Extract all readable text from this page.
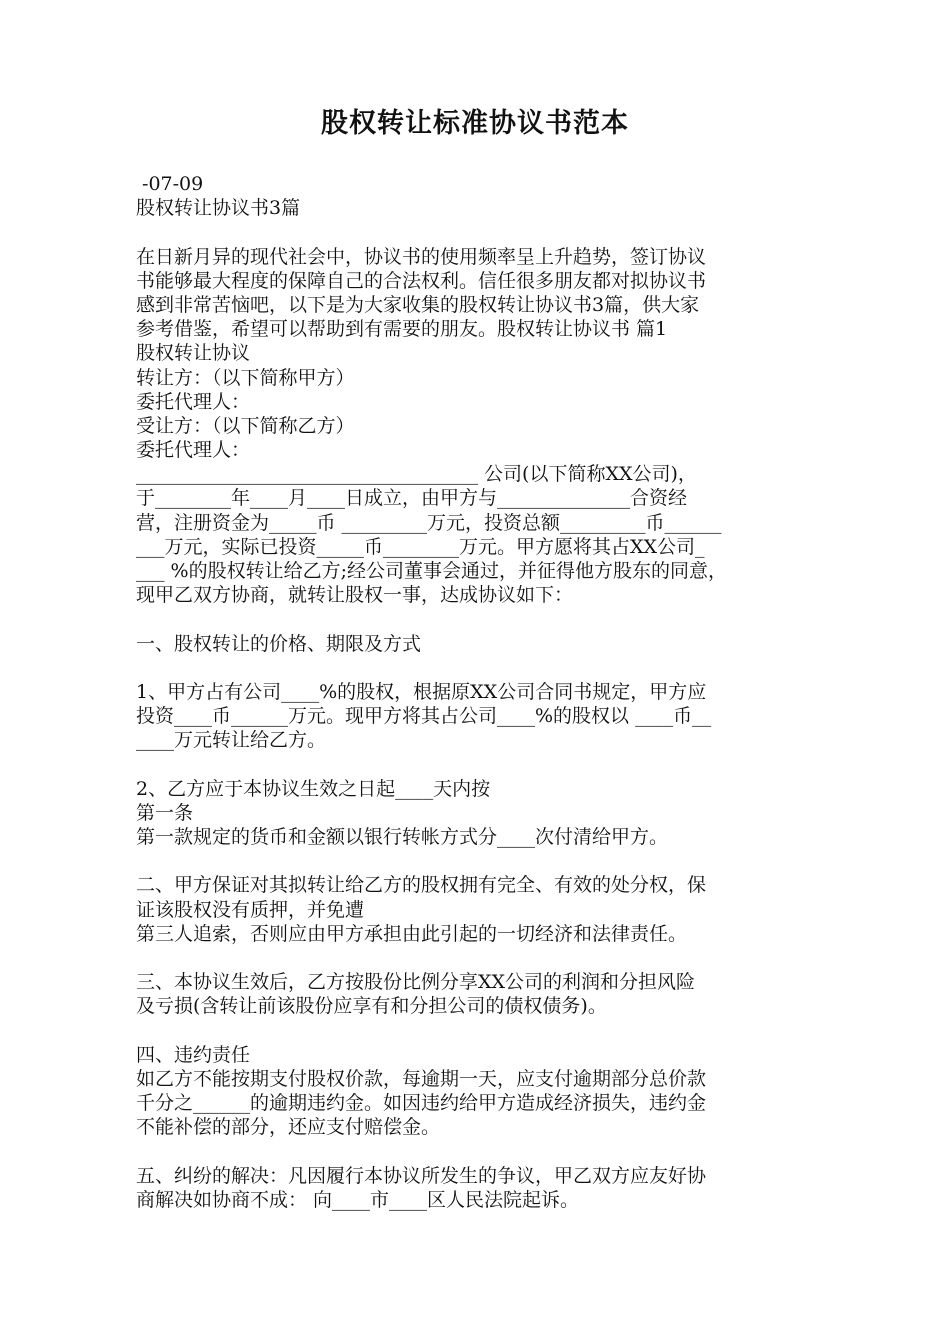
股权转让标准协议书范本
-07-09
股权转让协议书3篇
在日新月异的现代社会中，协议书的使用频率呈上升趋势，签订协议
书能够最大程度的保障自己的合法权利。信任很多朋友都对拟协议书
感到非常苦恼吧，以下是为大家收集的股权转让协议书3篇，供大家
参考借鉴，希望可以帮助到有需要的朋友。股权转让协议书 篇1
股权转让协议
转让方：（以下简称甲方）
委托代理人：
受让方：（以下简称乙方）
委托代理人：
____________________________________ 公司(以下简称XX公司)，
于________年____月____日成立，由甲方与______________合资经
营，注册资金为_____币 _________万元，投资总额_________币______
___万元，实际已投资_____币________万元。甲方愿将其占XX公司_
___ %的股权转让给乙方;经公司董事会通过，并征得他方股东的同意，
现甲乙双方协商，就转让股权一事，达成协议如下：
一、股权转让的价格、期限及方式
1、甲方占有公司____%的股权，根据原XX公司合同书规定，甲方应
投资____币______万元。现甲方将其占公司____%的股权以 ____币__
____万元转让给乙方。
2、乙方应于本协议生效之日起____天内按
第一条
第一款规定的货币和金额以银行转帐方式分____次付清给甲方。
二、甲方保证对其拟转让给乙方的股权拥有完全、有效的处分权，保
证该股权没有质押，并免遭
第三人追索，否则应由甲方承担由此引起的一切经济和法律责任。
三、本协议生效后，乙方按股份比例分享XX公司的利润和分担风险
及亏损(含转让前该股份应享有和分担公司的债权债务)。
四、违约责任
如乙方不能按期支付股权价款，每逾期一天，应支付逾期部分总价款
千分之______的逾期违约金。如因违约给甲方造成经济损失，违约金
不能补偿的部分，还应支付赔偿金。
五、纠纷的解决：凡因履行本协议所发生的争议，甲乙双方应友好协
商解决如协商不成： 向____市____区人民法院起诉。
